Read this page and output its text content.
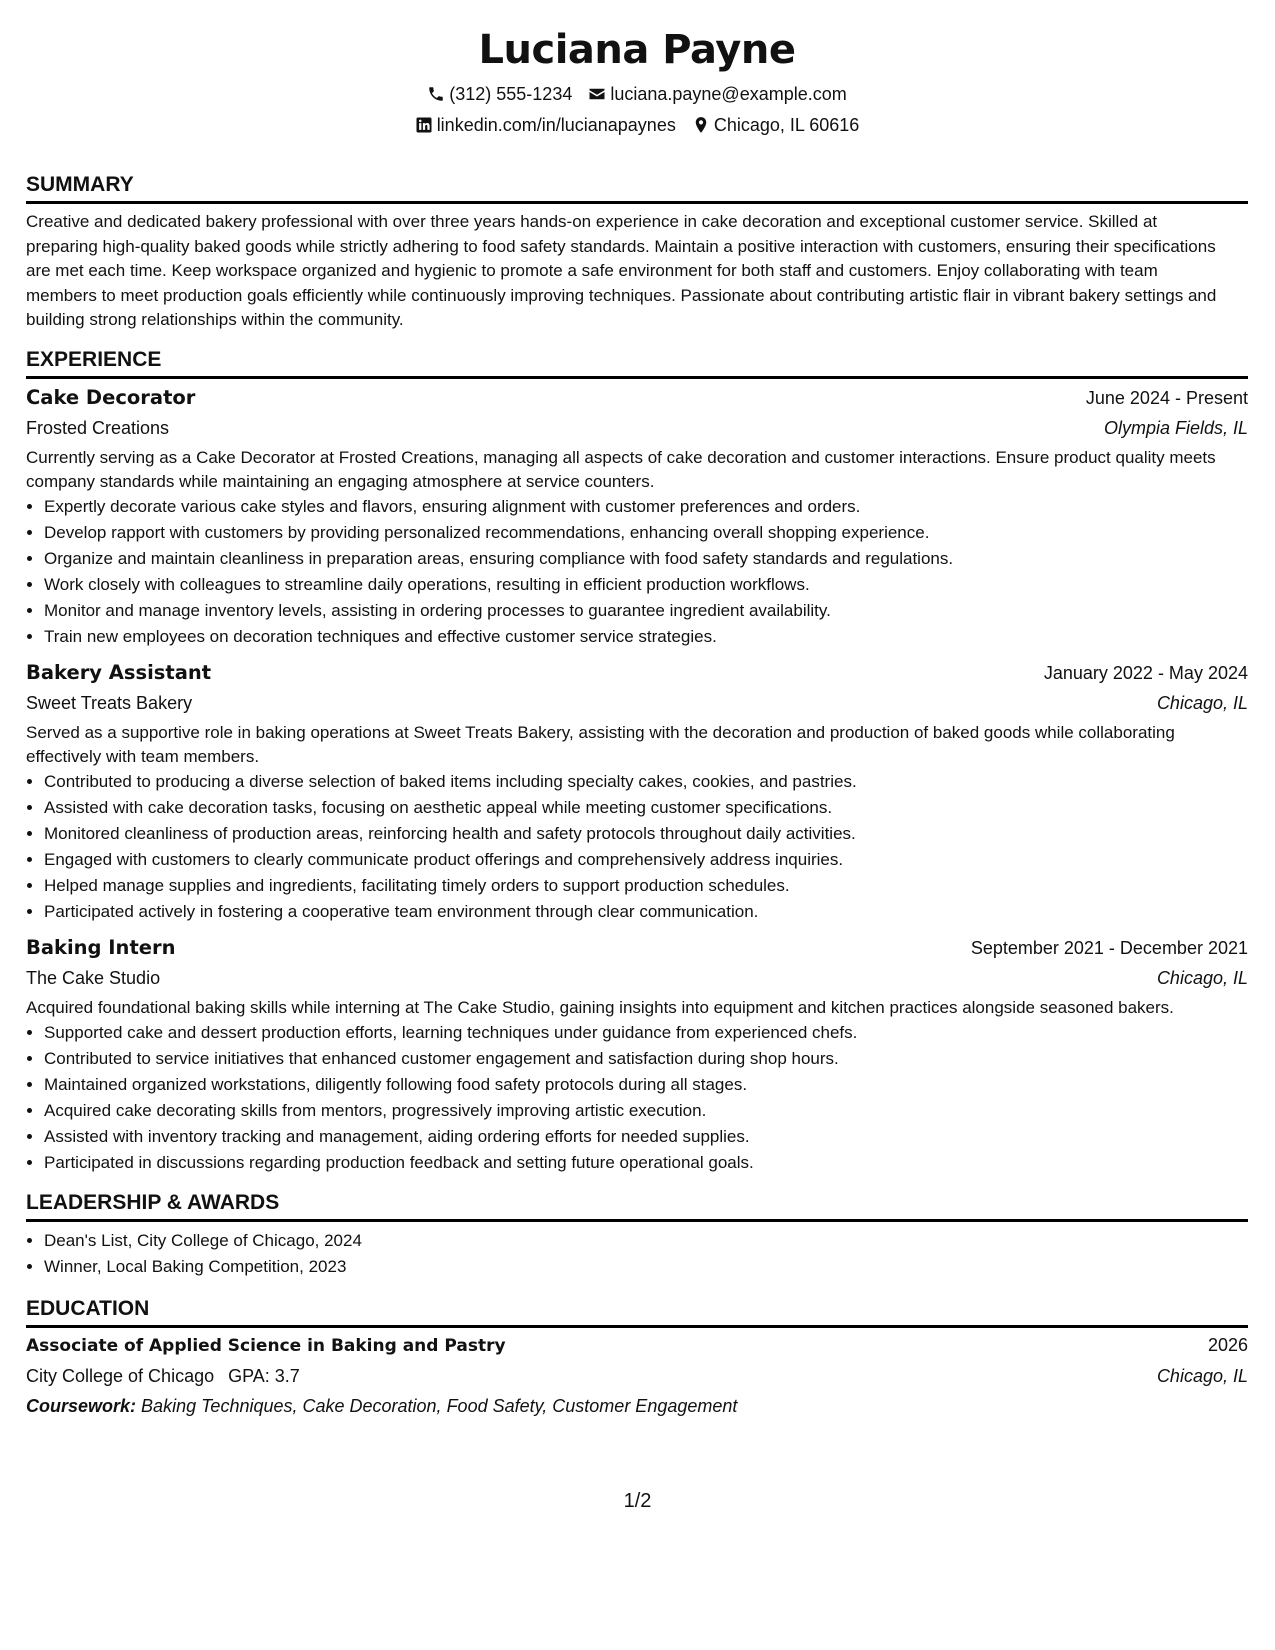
Luciana Payne
(312) 555-1234 luciana.payne@example.com
linkedin.com/in/lucianapaynes Chicago, IL 60616
SUMMARY
Creative and dedicated bakery professional with over three years hands-on experience in cake decoration and exceptional customer service. Skilled at preparing high-quality baked goods while strictly adhering to food safety standards. Maintain a positive interaction with customers, ensuring their specifications are met each time. Keep workspace organized and hygienic to promote a safe environment for both staff and customers. Enjoy collaborating with team members to meet production goals efficiently while continuously improving techniques. Passionate about contributing artistic flair in vibrant bakery settings and building strong relationships within the community.
EXPERIENCE
Cake Decorator	June 2024 - Present
Frosted Creations	Olympia Fields, IL
Currently serving as a Cake Decorator at Frosted Creations, managing all aspects of cake decoration and customer interactions. Ensure product quality meets company standards while maintaining an engaging atmosphere at service counters.
• Expertly decorate various cake styles and flavors, ensuring alignment with customer preferences and orders.
• Develop rapport with customers by providing personalized recommendations, enhancing overall shopping experience.
• Organize and maintain cleanliness in preparation areas, ensuring compliance with food safety standards and regulations.
• Work closely with colleagues to streamline daily operations, resulting in efficient production workflows.
• Monitor and manage inventory levels, assisting in ordering processes to guarantee ingredient availability.
• Train new employees on decoration techniques and effective customer service strategies.
Bakery Assistant	January 2022 - May 2024
Sweet Treats Bakery	Chicago, IL
Served as a supportive role in baking operations at Sweet Treats Bakery, assisting with the decoration and production of baked goods while collaborating effectively with team members.
• Contributed to producing a diverse selection of baked items including specialty cakes, cookies, and pastries.
• Assisted with cake decoration tasks, focusing on aesthetic appeal while meeting customer specifications.
• Monitored cleanliness of production areas, reinforcing health and safety protocols throughout daily activities.
• Engaged with customers to clearly communicate product offerings and comprehensively address inquiries.
• Helped manage supplies and ingredients, facilitating timely orders to support production schedules.
• Participated actively in fostering a cooperative team environment through clear communication.
Baking Intern	September 2021 - December 2021
The Cake Studio	Chicago, IL
Acquired foundational baking skills while interning at The Cake Studio, gaining insights into equipment and kitchen practices alongside seasoned bakers.
• Supported cake and dessert production efforts, learning techniques under guidance from experienced chefs.
• Contributed to service initiatives that enhanced customer engagement and satisfaction during shop hours.
• Maintained organized workstations, diligently following food safety protocols during all stages.
• Acquired cake decorating skills from mentors, progressively improving artistic execution.
• Assisted with inventory tracking and management, aiding ordering efforts for needed supplies.
• Participated in discussions regarding production feedback and setting future operational goals.
LEADERSHIP & AWARDS
• Dean's List, City College of Chicago, 2024
• Winner, Local Baking Competition, 2023
EDUCATION
Associate of Applied Science in Baking and Pastry	2026
City College of Chicago GPA: 3.7	Chicago, IL
Coursework: Baking Techniques, Cake Decoration, Food Safety, Customer Engagement
1/2
